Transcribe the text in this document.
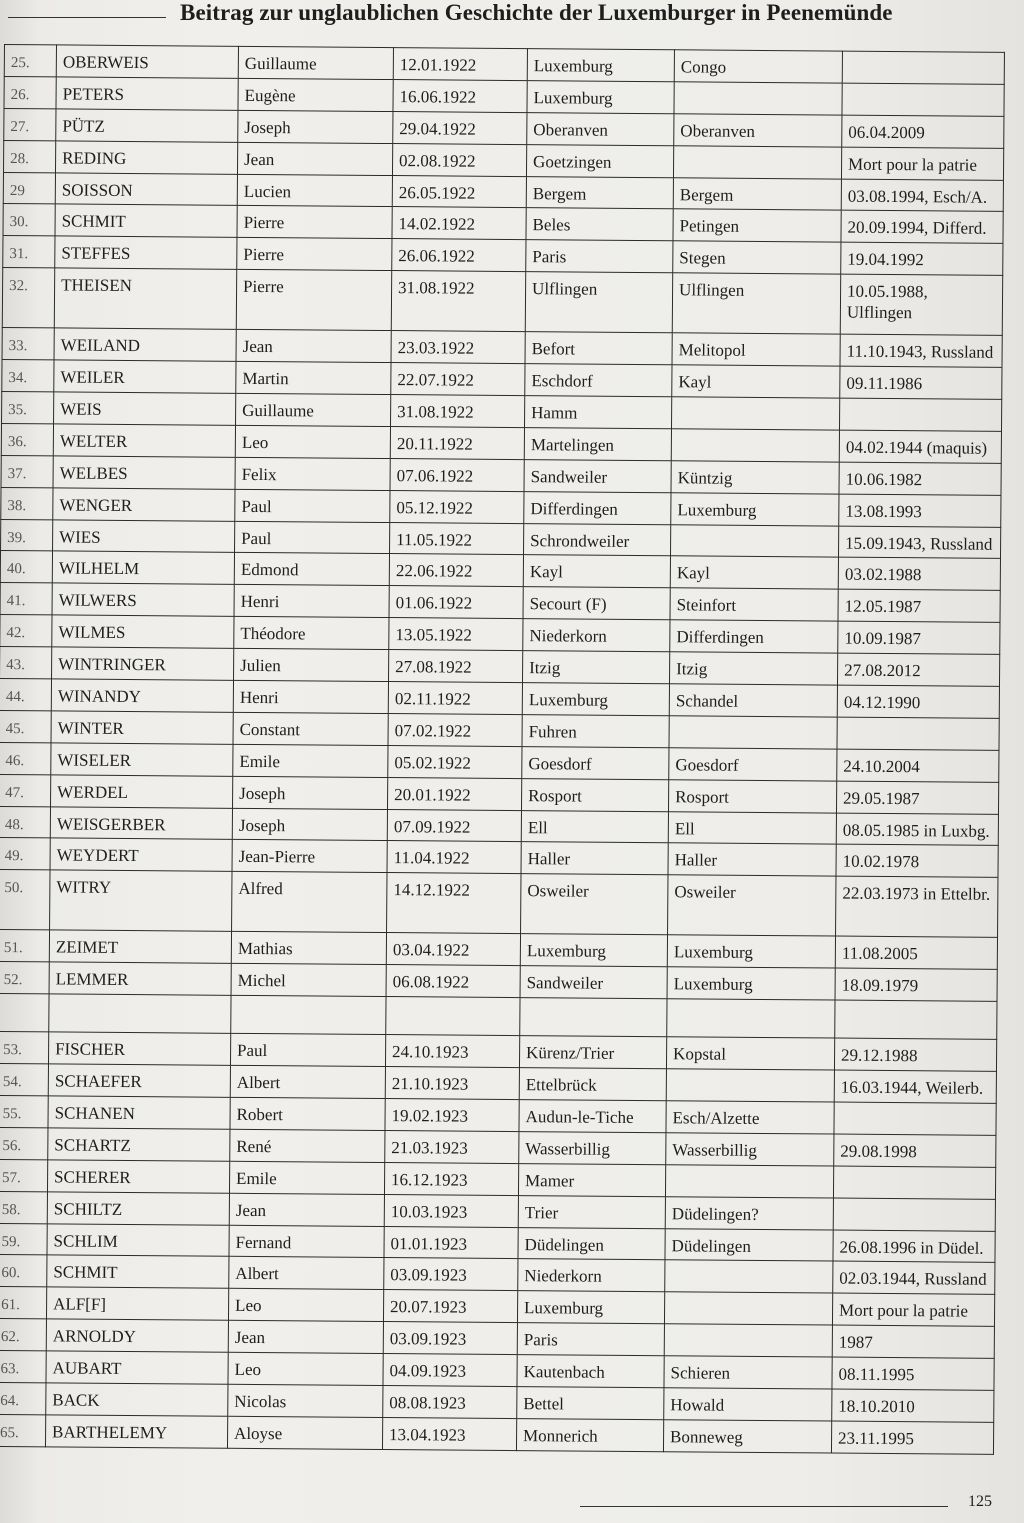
Beitrag zur unglaublichen Geschichte der Luxemburger in Peenemünde
25.	OBERWEIS	Guillaume	12.01.1922	Luxemburg	Congo	
26.	PETERS	Eugène	16.06.1922	Luxemburg		
27.	PÜTZ	Joseph	29.04.1922	Oberanven	Oberanven	06.04.2009
28.	REDING	Jean	02.08.1922	Goetzingen		Mort pour la patrie
29	SOISSON	Lucien	26.05.1922	Bergem	Bergem	03.08.1994, Esch/A.
30.	SCHMIT	Pierre	14.02.1922	Beles	Petingen	20.09.1994, Differd.
31.	STEFFES	Pierre	26.06.1922	Paris	Stegen	19.04.1992
32.	THEISEN	Pierre	31.08.1922	Ulflingen	Ulflingen	10.05.1988, Ulflingen
33.	WEILAND	Jean	23.03.1922	Befort	Melitopol	11.10.1943, Russland
34.	WEILER	Martin	22.07.1922	Eschdorf	Kayl	09.11.1986
35.	WEIS	Guillaume	31.08.1922	Hamm		
36.	WELTER	Leo	20.11.1922	Martelingen		04.02.1944 (maquis)
37.	WELBES	Felix	07.06.1922	Sandweiler	Küntzig	10.06.1982
38.	WENGER	Paul	05.12.1922	Differdingen	Luxemburg	13.08.1993
39.	WIES	Paul	11.05.1922	Schrondweiler		15.09.1943, Russland
40.	WILHELM	Edmond	22.06.1922	Kayl	Kayl	03.02.1988
41.	WILWERS	Henri	01.06.1922	Secourt (F)	Steinfort	12.05.1987
42.	WILMES	Théodore	13.05.1922	Niederkorn	Differdingen	10.09.1987
43.	WINTRINGER	Julien	27.08.1922	Itzig	Itzig	27.08.2012
44.	WINANDY	Henri	02.11.1922	Luxemburg	Schandel	04.12.1990
45.	WINTER	Constant	07.02.1922	Fuhren		
46.	WISELER	Emile	05.02.1922	Goesdorf	Goesdorf	24.10.2004
47.	WERDEL	Joseph	20.01.1922	Rosport	Rosport	29.05.1987
48.	WEISGERBER	Joseph	07.09.1922	Ell	Ell	08.05.1985 in Luxbg.
49.	WEYDERT	Jean-Pierre	11.04.1922	Haller	Haller	10.02.1978
50.	WITRY	Alfred	14.12.1922	Osweiler	Osweiler	22.03.1973 in Ettelbr.
51.	ZEIMET	Mathias	03.04.1922	Luxemburg	Luxemburg	11.08.2005
52.	LEMMER	Michel	06.08.1922	Sandweiler	Luxemburg	18.09.1979

53.	FISCHER	Paul	24.10.1923	Kürenz/Trier	Kopstal	29.12.1988
54.	SCHAEFER	Albert	21.10.1923	Ettelbrück		16.03.1944, Weilerb.
55.	SCHANEN	Robert	19.02.1923	Audun-le-Tiche	Esch/Alzette	
56.	SCHARTZ	René	21.03.1923	Wasserbillig	Wasserbillig	29.08.1998
57.	SCHERER	Emile	16.12.1923	Mamer		
58.	SCHILTZ	Jean	10.03.1923	Trier	Düdelingen?	
59.	SCHLIM	Fernand	01.01.1923	Düdelingen	Düdelingen	26.08.1996 in Düdel.
60.	SCHMIT	Albert	03.09.1923	Niederkorn		02.03.1944, Russland
61.	ALF[F]	Leo	20.07.1923	Luxemburg		Mort pour la patrie
62.	ARNOLDY	Jean	03.09.1923	Paris		1987
63.	AUBART	Leo	04.09.1923	Kautenbach	Schieren	08.11.1995
64.	BACK	Nicolas	08.08.1923	Bettel	Howald	18.10.2010
65.	BARTHELEMY	Aloyse	13.04.1923	Monnerich	Bonneweg	23.11.1995
125
